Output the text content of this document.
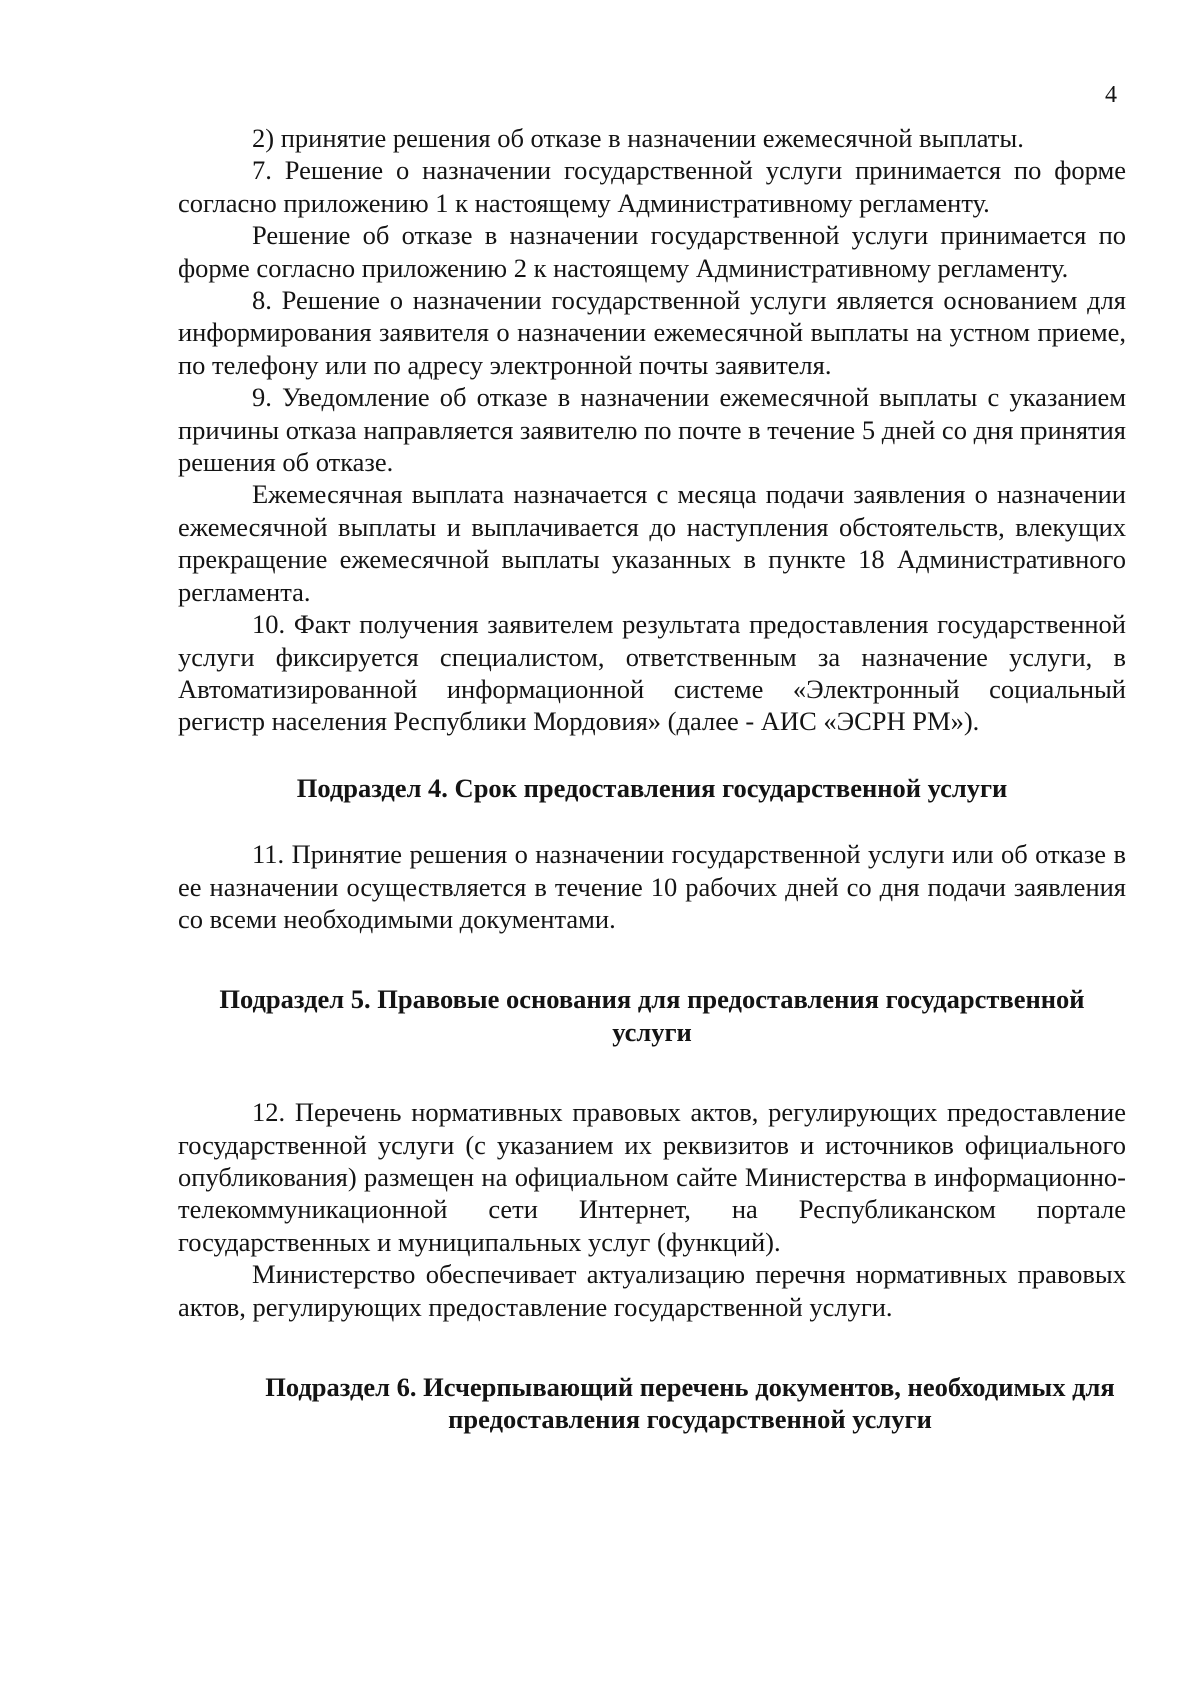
4

2) принятие решения об отказе в назначении ежемесячной выплаты.

7. Решение о назначении государственной услуги принимается по форме согласно приложению 1 к настоящему Административному регламенту.

Решение об отказе в назначении государственной услуги принимается по форме согласно приложению 2 к настоящему Административному регламенту.

8. Решение о назначении государственной услуги является основанием для информирования заявителя о назначении ежемесячной выплаты на устном приеме, по телефону или по адресу электронной почты заявителя.

9. Уведомление об отказе в назначении ежемесячной выплаты с указанием причины отказа направляется заявителю по почте в течение 5 дней со дня принятия решения об отказе.

Ежемесячная выплата назначается с месяца подачи заявления о назначении ежемесячной выплаты и выплачивается до наступления обстоятельств, влекущих прекращение ежемесячной выплаты указанных в пункте 18 Административного регламента.

10. Факт получения заявителем результата предоставления государственной услуги фиксируется специалистом, ответственным за назначение услуги, в Автоматизированной информационной системе «Электронный социальный регистр населения Республики Мордовия» (далее - АИС «ЭСРН РМ»).

Подраздел 4. Срок предоставления государственной услуги

11. Принятие решения о назначении государственной услуги или об отказе в ее назначении осуществляется в течение 10 рабочих дней со дня подачи заявления со всеми необходимыми документами.

Подраздел 5. Правовые основания для предоставления государственной услуги

12. Перечень нормативных правовых актов, регулирующих предоставление государственной услуги (с указанием их реквизитов и источников официального опубликования) размещен на официальном сайте Министерства в информационно-телекоммуникационной сети Интернет, на Республиканском портале государственных и муниципальных услуг (функций).

Министерство обеспечивает актуализацию перечня нормативных правовых актов, регулирующих предоставление государственной услуги.

Подраздел 6. Исчерпывающий перечень документов, необходимых для предоставления государственной услуги
